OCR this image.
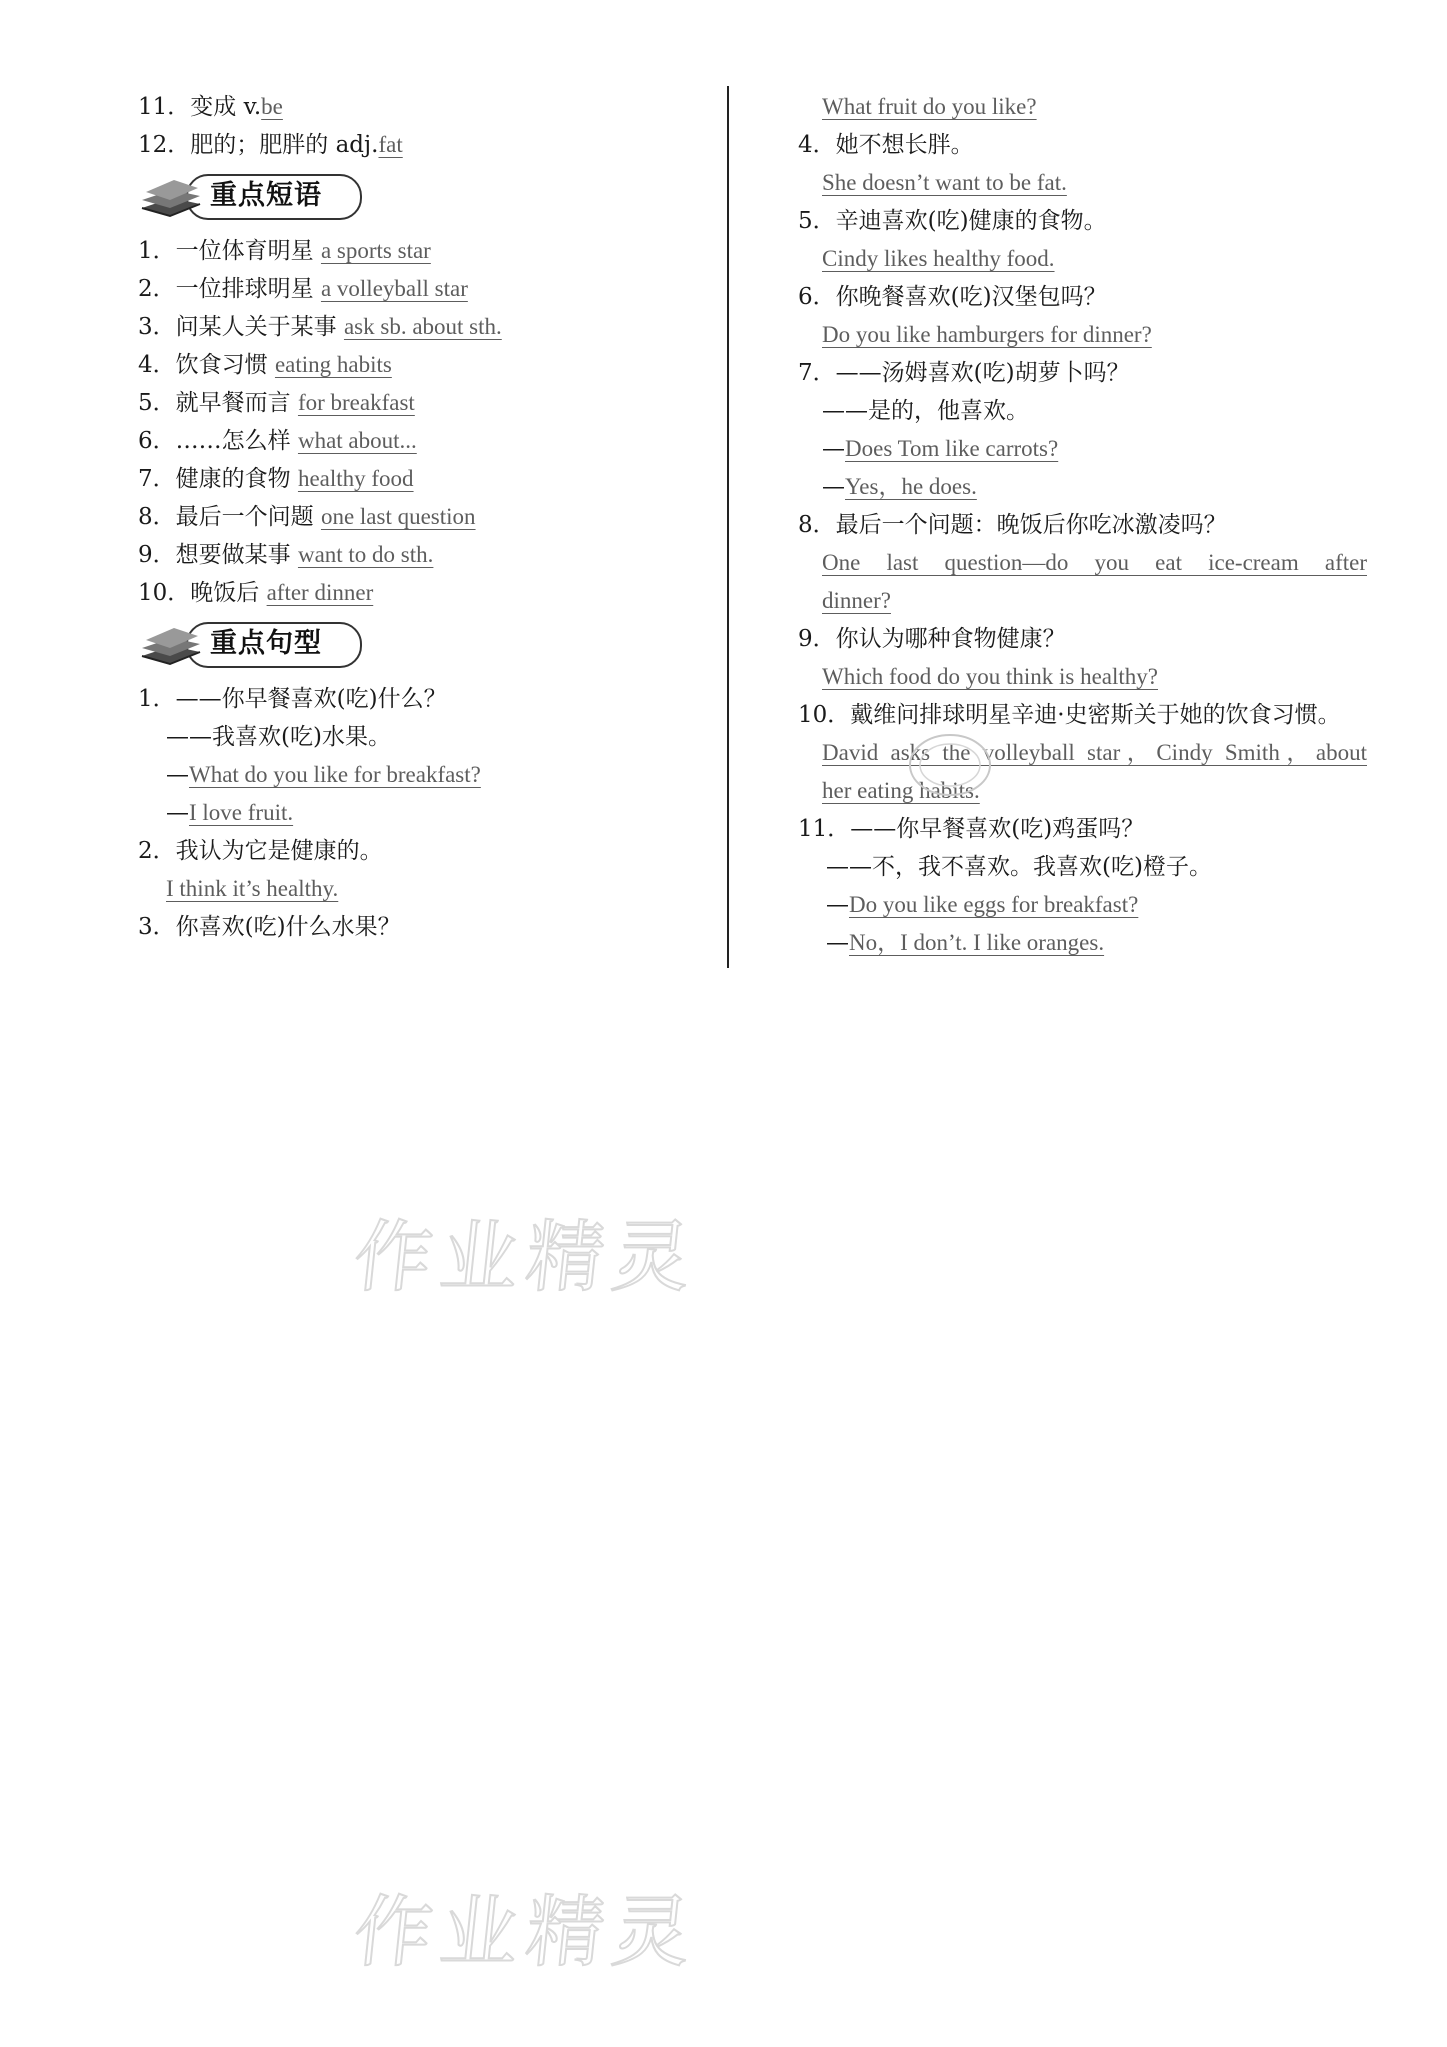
11．变成 v.be
12．肥的；肥胖的 adj.fat
重点短语
1．一位体育明星 a sports star
2．一位排球明星 a volleyball star
3．问某人关于某事 ask sb. about sth.
4．饮食习惯 eating habits
5．就早餐而言 for breakfast
6．……怎么样 what about...
7．健康的食物 healthy food
8．最后一个问题 one last question
9．想要做某事 want to do sth.
10．晚饭后 after dinner
重点句型
1．——你早餐喜欢(吃)什么？
——我喜欢(吃)水果。
—What do you like for breakfast?
—I love fruit.
2．我认为它是健康的。
I think it’s healthy.
3．你喜欢(吃)什么水果？
What fruit do you like?
4．她不想长胖。
She doesn’t want to be fat.
5．辛迪喜欢(吃)健康的食物。
Cindy likes healthy food.
6．你晚餐喜欢(吃)汉堡包吗？
Do you like hamburgers for dinner?
7．——汤姆喜欢(吃)胡萝卜吗？
——是的，他喜欢。
—Does Tom like carrots?
—Yes，he does.
8．最后一个问题：晚饭后你吃冰激凌吗？
One last question—do you eat ice-cream after
dinner?
9．你认为哪种食物健康？
Which food do you think is healthy?
10．戴维问排球明星辛迪·史密斯关于她的饮食习惯。
David asks the volleyball star，Cindy Smith，about
her eating habits.
11．——你早餐喜欢(吃)鸡蛋吗？
——不，我不喜欢。我喜欢(吃)橙子。
—Do you like eggs for breakfast?
—No，I don’t. I like oranges.
作业精灵
作业精灵
